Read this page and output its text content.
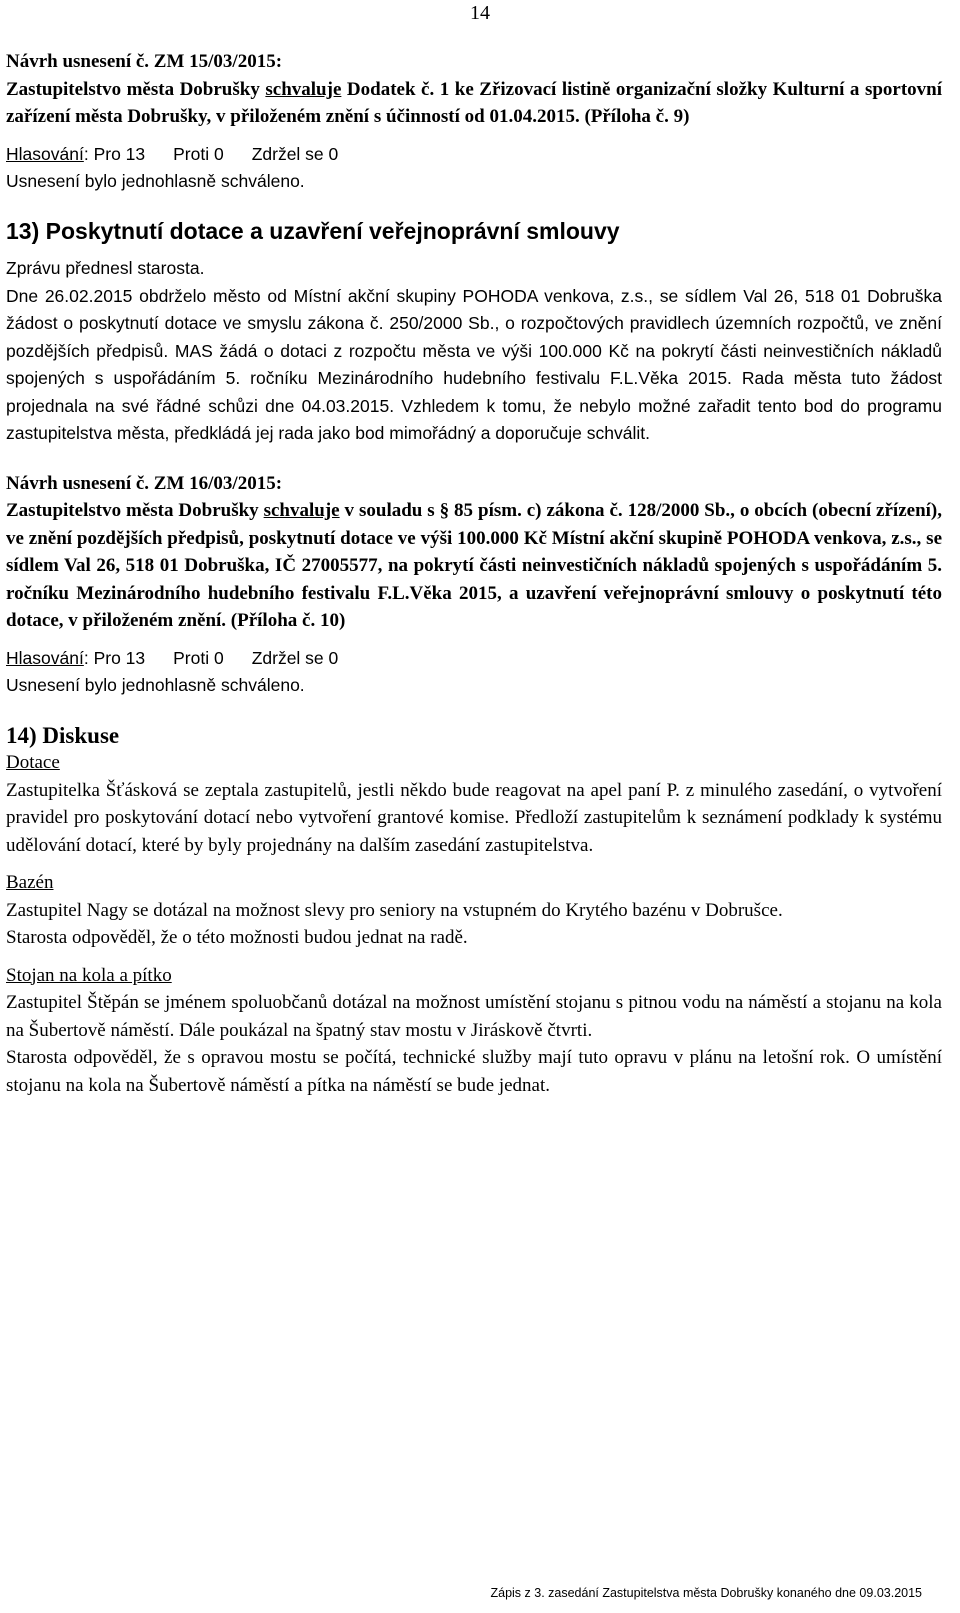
14

Návrh usnesení č. ZM 15/03/2015:

Zastupitelstvo města Dobrušky schvaluje Dodatek č. 1 ke Zřizovací listině organizační složky Kulturní a sportovní zařízení města Dobrušky, v přiloženém znění s účinností od 01.04.2015. (Příloha č. 9)

Hlasování: Pro 13 Proti 0 Zdržel se 0

Usnesení bylo jednohlasně schváleno.

13) Poskytnutí dotace a uzavření veřejnoprávní smlouvy

Zprávu přednesl starosta.

Dne 26.02.2015 obdrželo město od Místní akční skupiny POHODA venkova, z.s., se sídlem Val 26, 518 01 Dobruška žádost o poskytnutí dotace ve smyslu zákona č. 250/2000 Sb., o rozpočtových pravidlech územních rozpočtů, ve znění pozdějších předpisů. MAS žádá o dotaci z rozpočtu města ve výši 100.000 Kč na pokrytí části neinvestičních nákladů spojených s uspořádáním 5. ročníku Mezinárodního hudebního festivalu F.L.Věka 2015. Rada města tuto žádost projednala na své řádné schůzi dne 04.03.2015. Vzhledem k tomu, že nebylo možné zařadit tento bod do programu zastupitelstva města, předkládá jej rada jako bod mimořádný a doporučuje schválit.

Návrh usnesení č. ZM 16/03/2015:

Zastupitelstvo města Dobrušky schvaluje v souladu s § 85 písm. c) zákona č. 128/2000 Sb., o obcích (obecní zřízení), ve znění pozdějších předpisů, poskytnutí dotace ve výši 100.000 Kč Místní akční skupině POHODA venkova, z.s., se sídlem Val 26, 518 01 Dobruška, IČ 27005577, na pokrytí části neinvestičních nákladů spojených s uspořádáním 5. ročníku Mezinárodního hudebního festivalu F.L.Věka 2015, a uzavření veřejnoprávní smlouvy o poskytnutí této dotace, v přiloženém znění. (Příloha č. 10)

Hlasování: Pro 13 Proti 0 Zdržel se 0

Usnesení bylo jednohlasně schváleno.

14) Diskuse

Dotace

Zastupitelka Šťásková se zeptala zastupitelů, jestli někdo bude reagovat na apel paní P. z minulého zasedání, o vytvoření pravidel pro poskytování dotací nebo vytvoření grantové komise. Předloží zastupitelům k seznámení podklady k systému udělování dotací, které by byly projednány na dalším zasedání zastupitelstva.

Bazén

Zastupitel Nagy se dotázal na možnost slevy pro seniory na vstupném do Krytého bazénu v Dobrušce.

Starosta odpověděl, že o této možnosti budou jednat na radě.

Stojan na kola a pítko

Zastupitel Štěpán se jménem spoluobčanů dotázal na možnost umístění stojanu s pitnou vodu na náměstí a stojanu na kola na Šubertově náměstí. Dále poukázal na špatný stav mostu v Jiráskově čtvrti.

Starosta odpověděl, že s opravou mostu se počítá, technické služby mají tuto opravu v plánu na letošní rok. O umístění stojanu na kola na Šubertově náměstí a pítka na náměstí se bude jednat.

Zápis z 3. zasedání Zastupitelstva města Dobrušky konaného dne 09.03.2015
